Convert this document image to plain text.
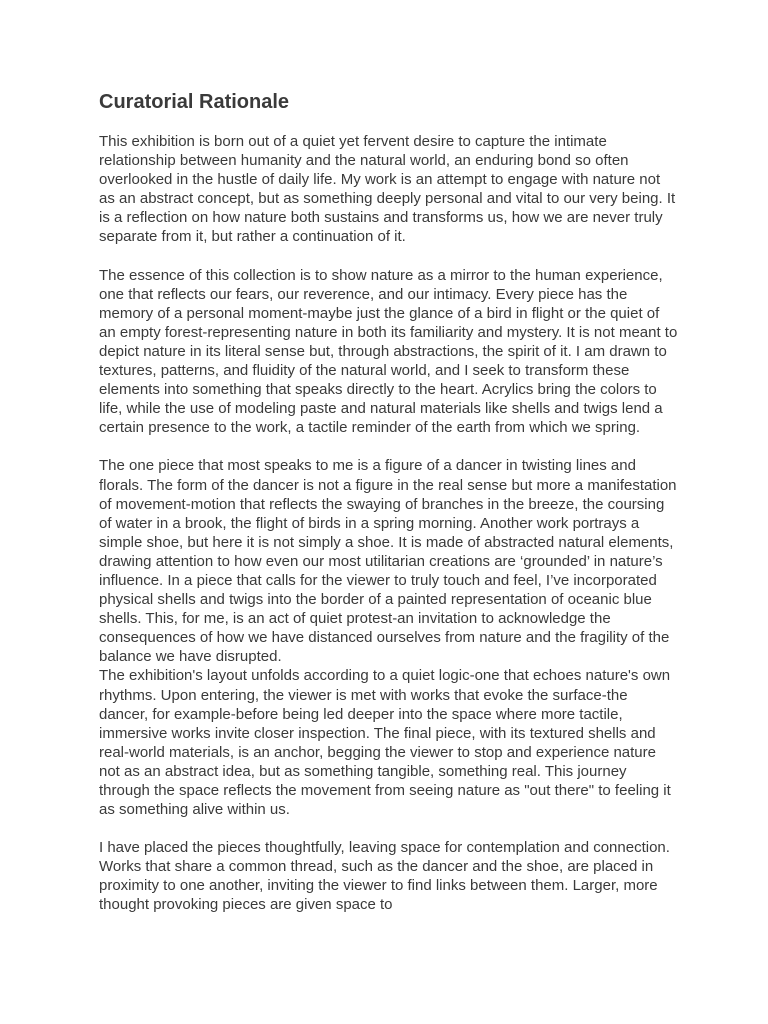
Curatorial Rationale

This exhibition is born out of a quiet yet fervent desire to capture the intimate relationship between humanity and the natural world, an enduring bond so often overlooked in the hustle of daily life. My work is an attempt to engage with nature not as an abstract concept, but as something deeply personal and vital to our very being. It is a reflection on how nature both sustains and transforms us, how we are never truly separate from it, but rather a continuation of it.

The essence of this collection is to show nature as a mirror to the human experience, one that reflects our fears, our reverence, and our intimacy. Every piece has the memory of a personal moment-maybe just the glance of a bird in flight or the quiet of an empty forest-representing nature in both its familiarity and mystery. It is not meant to depict nature in its literal sense but, through abstractions, the spirit of it. I am drawn to textures, patterns, and fluidity of the natural world, and I seek to transform these elements into something that speaks directly to the heart. Acrylics bring the colors to life, while the use of modeling paste and natural materials like shells and twigs lend a certain presence to the work, a tactile reminder of the earth from which we spring.

The one piece that most speaks to me is a figure of a dancer in twisting lines and florals. The form of the dancer is not a figure in the real sense but more a manifestation of movement-motion that reflects the swaying of branches in the breeze, the coursing of water in a brook, the flight of birds in a spring morning. Another work portrays a simple shoe, but here it is not simply a shoe. It is made of abstracted natural elements, drawing attention to how even our most utilitarian creations are ‘grounded’ in nature’s influence. In a piece that calls for the viewer to truly touch and feel, I’ve incorporated physical shells and twigs into the border of a painted representation of oceanic blue shells. This, for me, is an act of quiet protest-an invitation to acknowledge the consequences of how we have distanced ourselves from nature and the fragility of the balance we have disrupted.

The exhibition's layout unfolds according to a quiet logic-one that echoes nature's own rhythms. Upon entering, the viewer is met with works that evoke the surface-the dancer, for example-before being led deeper into the space where more tactile, immersive works invite closer inspection. The final piece, with its textured shells and real-world materials, is an anchor, begging the viewer to stop and experience nature not as an abstract idea, but as something tangible, something real. This journey through the space reflects the movement from seeing nature as "out there" to feeling it as something alive within us.

I have placed the pieces thoughtfully, leaving space for contemplation and connection. Works that share a common thread, such as the dancer and the shoe, are placed in proximity to one another, inviting the viewer to find links between them. Larger, more thought provoking pieces are given space to
